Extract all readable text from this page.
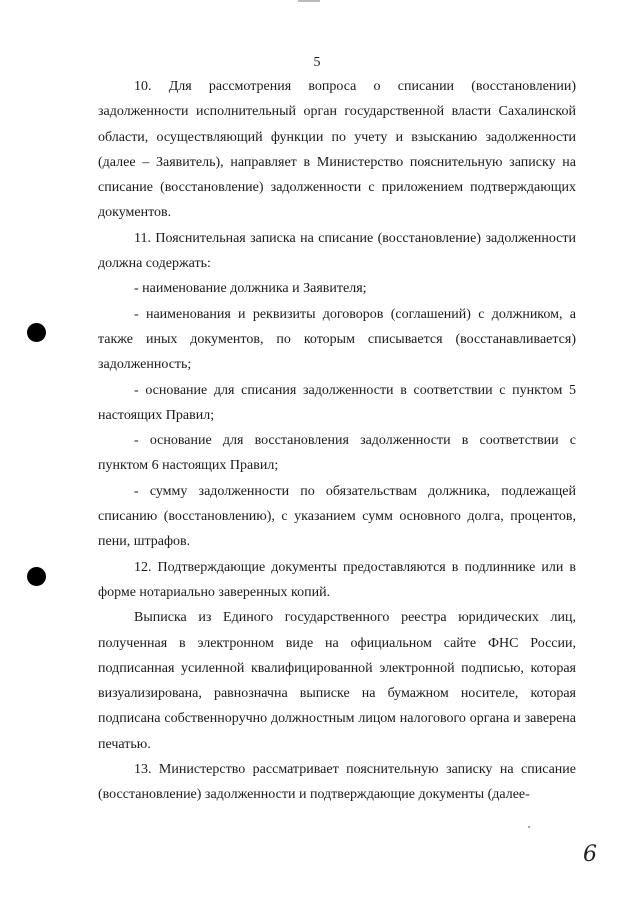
5

10. Для рассмотрения вопроса о списании (восстановлении) задолженности исполнительный орган государственной власти Сахалинской области, осуществляющий функции по учету и взысканию задолженности (далее – Заявитель), направляет в Министерство пояснительную записку на списание (восстановление) задолженности с приложением подтверждающих документов.

11. Пояснительная записка на списание (восстановление) задолженности должна содержать:

- наименование должника и Заявителя;

- наименования и реквизиты договоров (соглашений) с должником, а также иных документов, по которым списывается (восстанавливается) задолженность;

- основание для списания задолженности в соответствии с пунктом 5 настоящих Правил;

- основание для восстановления задолженности в соответствии с пунктом 6 настоящих Правил;

- сумму задолженности по обязательствам должника, подлежащей списанию (восстановлению), с указанием сумм основного долга, процентов, пени, штрафов.

12. Подтверждающие документы предоставляются в подлиннике или в форме нотариально заверенных копий.

Выписка из Единого государственного реестра юридических лиц, полученная в электронном виде на официальном сайте ФНС России, подписанная усиленной квалифицированной электронной подписью, которая визуализирована, равнозначна выписке на бумажном носителе, которая подписана собственноручно должностным лицом налогового органа и заверена печатью.

13. Министерство рассматривает пояснительную записку на списание (восстановление) задолженности и подтверждающие документы (далее-

6
